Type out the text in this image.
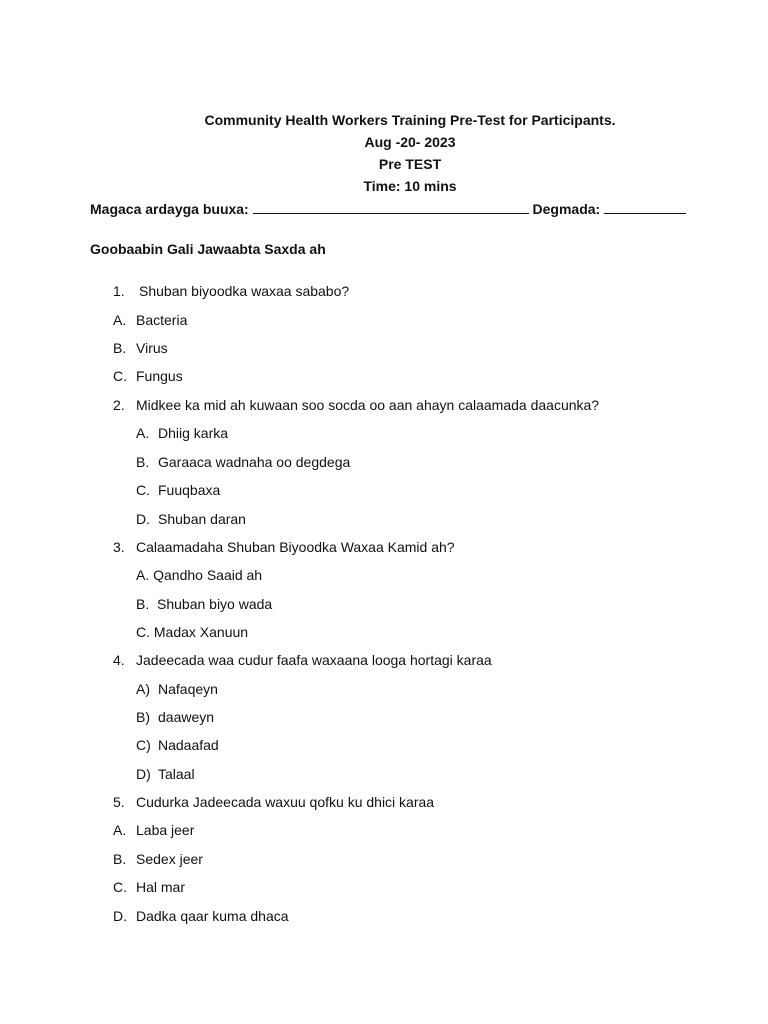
Community Health Workers Training Pre-Test for Participants.
Aug -20- 2023
Pre TEST
Time: 10 mins
Magaca ardayga buuxa:	Degmada:
Goobaabin Gali Jawaabta Saxda ah
1. Shuban biyoodka waxaa sababo?
A. Bacteria
B. Virus
C. Fungus
2. Midkee ka mid ah kuwaan soo socda oo aan ahayn calaamada daacunka?
A. Dhiig karka
B. Garaaca wadnaha oo degdega
C. Fuuqbaxa
D. Shuban daran
3. Calaamadaha Shuban Biyoodka Waxaa Kamid ah?
A. Qandho Saaid ah
B.  Shuban biyo wada
C. Madax Xanuun
4. Jadeecada waa cudur faafa waxaana looga hortagi karaa
A) Nafaqeyn
B) daaweyn
C) Nadaafad
D) Talaal
5. Cudurka Jadeecada waxuu qofku ku dhici karaa
A. Laba jeer
B. Sedex jeer
C. Hal mar
D. Dadka qaar kuma dhaca
